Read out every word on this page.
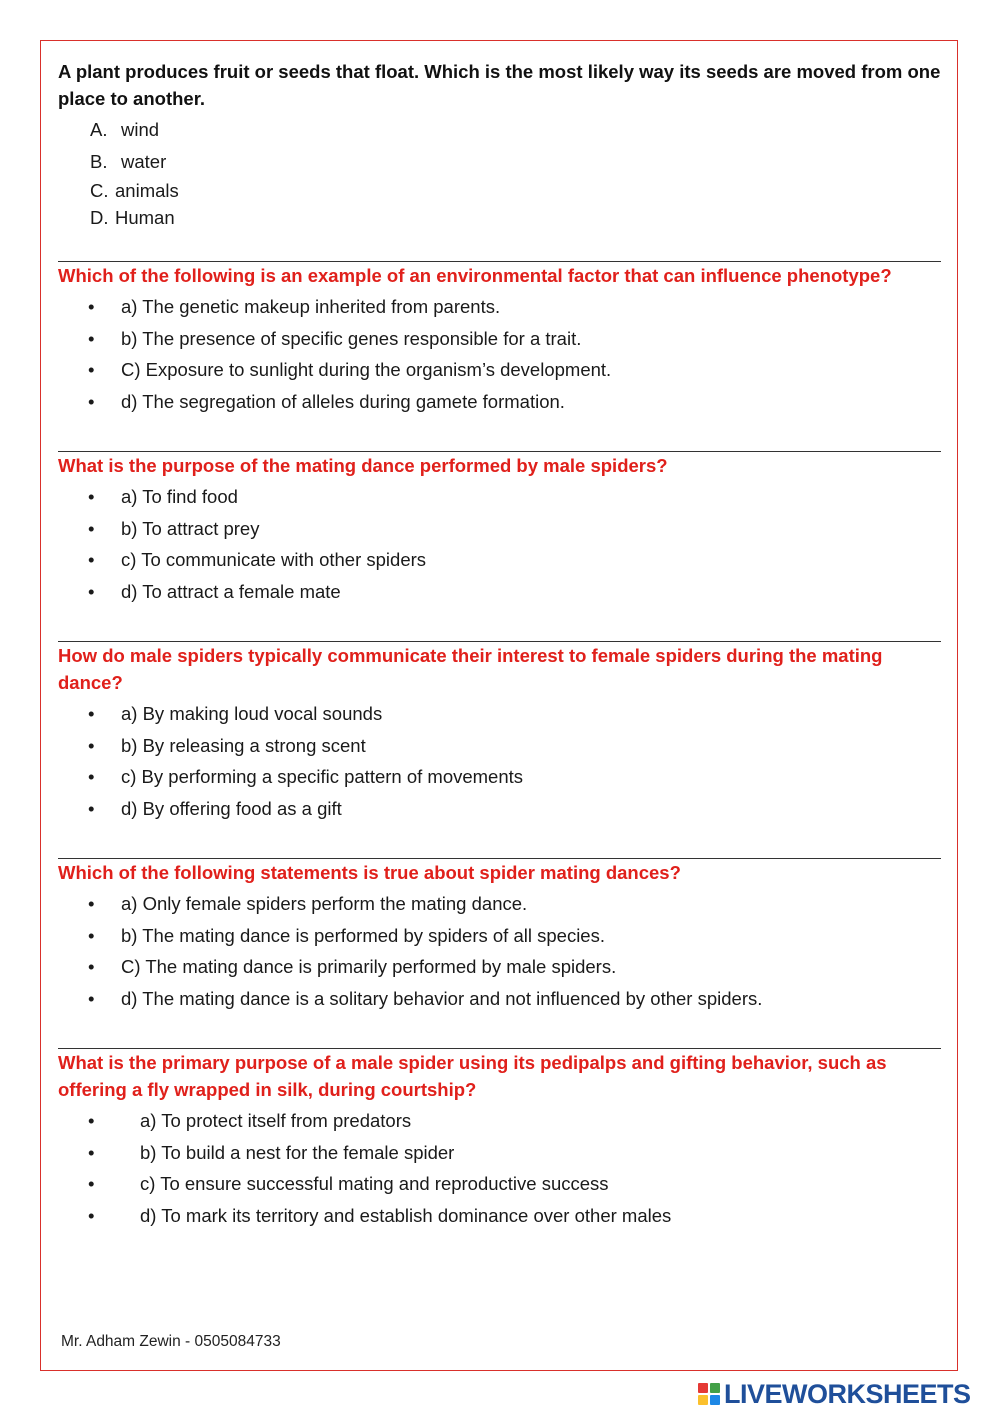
A plant produces fruit or seeds that float. Which is the most likely way its seeds are moved from one place to another.

A. wind
B. water
C. animals
D. Human

Which of the following is an example of an environmental factor that can influence phenotype?

•	a) The genetic makeup inherited from parents.
•	b) The presence of specific genes responsible for a trait.
•	C) Exposure to sunlight during the organism’s development.
•	d) The segregation of alleles during gamete formation.

What is the purpose of the mating dance performed by male spiders?

•	a) To find food
•	b) To attract prey
•	c) To communicate with other spiders
•	d) To attract a female mate

How do male spiders typically communicate their interest to female spiders during the mating dance?

•	a) By making loud vocal sounds
•	b) By releasing a strong scent
•	c) By performing a specific pattern of movements
•	d) By offering food as a gift

Which of the following statements is true about spider mating dances?

•	a) Only female spiders perform the mating dance.
•	b) The mating dance is performed by spiders of all species.
•	C) The mating dance is primarily performed by male spiders.
•	d) The mating dance is a solitary behavior and not influenced by other spiders.

What is the primary purpose of a male spider using its pedipalps and gifting behavior, such as offering a fly wrapped in silk, during courtship?

•	a) To protect itself from predators
•	b) To build a nest for the female spider
•	c) To ensure successful mating and reproductive success
•	d) To mark its territory and establish dominance over other males
Mr. Adham Zewin - 0505084733
LIVEWORKSHEETS
